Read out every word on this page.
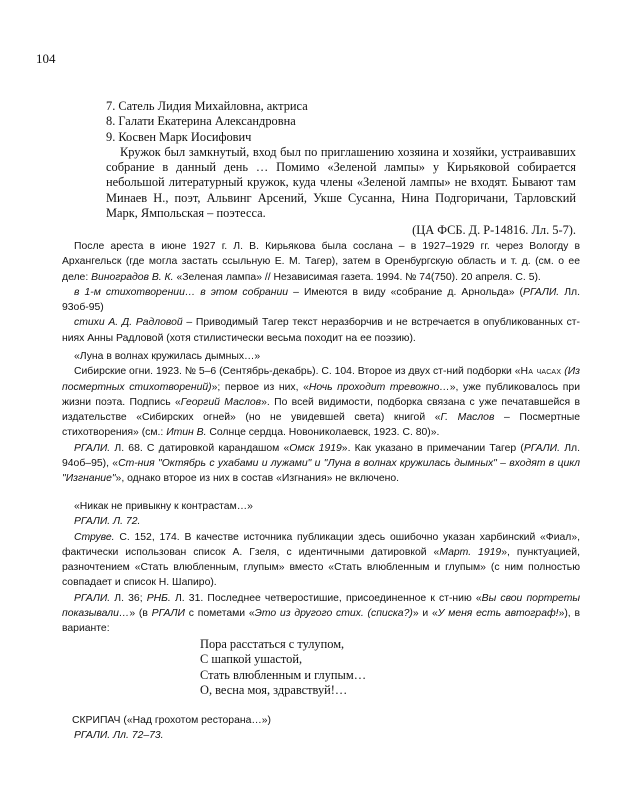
104
7. Сатель Лидия Михайловна, актриса
8. Галати Екатерина Александровна
9. Косвен Марк Иосифович
Кружок был замкнутый, вход был по приглашению хозяина и хозяйки, устраивавших собрание в данный день … Помимо «Зеленой лампы» у Кирьяковой собирается небольшой литературный кружок, куда члены «Зеленой лампы» не входят. Бывают там Минаев Н., поэт, Альвинг Арсений, Укше Сусанна, Нина Подгоричани, Тарловский Марк, Ямпольская – поэтесса.
(ЦА ФСБ. Д. Р-14816. Лл. 5-7).

После ареста в июне 1927 г. Л. В. Кирьякова была сослана – в 1927–1929 гг. через Вологду в Архангельск (где могла застать ссыльную Е. М. Тагер), затем в Оренбургскую область и т. д. (см. о ее деле: Виноградов В. К. «Зеленая лампа» // Независимая газета. 1994. № 74(750). 20 апреля. С. 5).

в 1-м стихотворении… в этом собрании – Имеются в виду «собрание д. Арнольда» (РГАЛИ. Лл. 93об-95)

стихи А. Д. Радловой – Приводимый Тагер текст неразборчив и не встречается в опубликованных ст-ниях Анны Радловой (хотя стилистически весьма походит на ее поэзию).

«Луна в волнах кружилась дымных…»

Сибирские огни. 1923. № 5–6 (Сентябрь-декабрь). С. 104. Второе из двух ст-ний подборки «На часах (Из посмертных стихотворений)»; первое из них, «Ночь проходит тревожно…», уже публиковалось при жизни поэта. Подпись «Георгий Маслов». По всей видимости, подборка связана с уже печатавшейся в издательстве «Сибирских огней» (но не увидевшей света) книгой «Г. Маслов – Посмертные стихотворения» (см.: Итин В. Солнце сердца. Новониколаевск, 1923. С. 80)».

РГАЛИ. Л. 68. С датировкой карандашом «Омск 1919». Как указано в примечании Тагер (РГАЛИ. Лл. 94об–95), «Ст-ния "Октябрь с ухабами и лужами" и "Луна в волнах кружилась дымных" – входят в цикл "Изгнание"», однако второе из них в состав «Изгнания» не включено.

«Никак не привыкну к контрастам…»

РГАЛИ. Л. 72.

Струве. С. 152, 174. В качестве источника публикации здесь ошибочно указан харбинский «Фиал», фактически использован список А. Гзеля, с идентичными датировкой «Март. 1919», пунктуацией, разночтением «Стать влюбленным, глупым» вместо «Стать влюбленным и глупым» (с ним полностью совпадает и список Н. Шапиро).

РГАЛИ. Л. 36; РНБ. Л. 31. Последнее четверостишие, присоединенное к ст-нию «Вы свои портреты показывали…» (в РГАЛИ с пометами «Это из другого стих. (списка?)» и «У меня есть автограф!»), в варианте:

Пора расстаться с тулупом,
С шапкой ушастой,
Стать влюбленным и глупым…
О, весна моя, здравствуй!…

СКРИПАЧ («Над грохотом ресторана…»)

РГАЛИ. Лл. 72–73.
